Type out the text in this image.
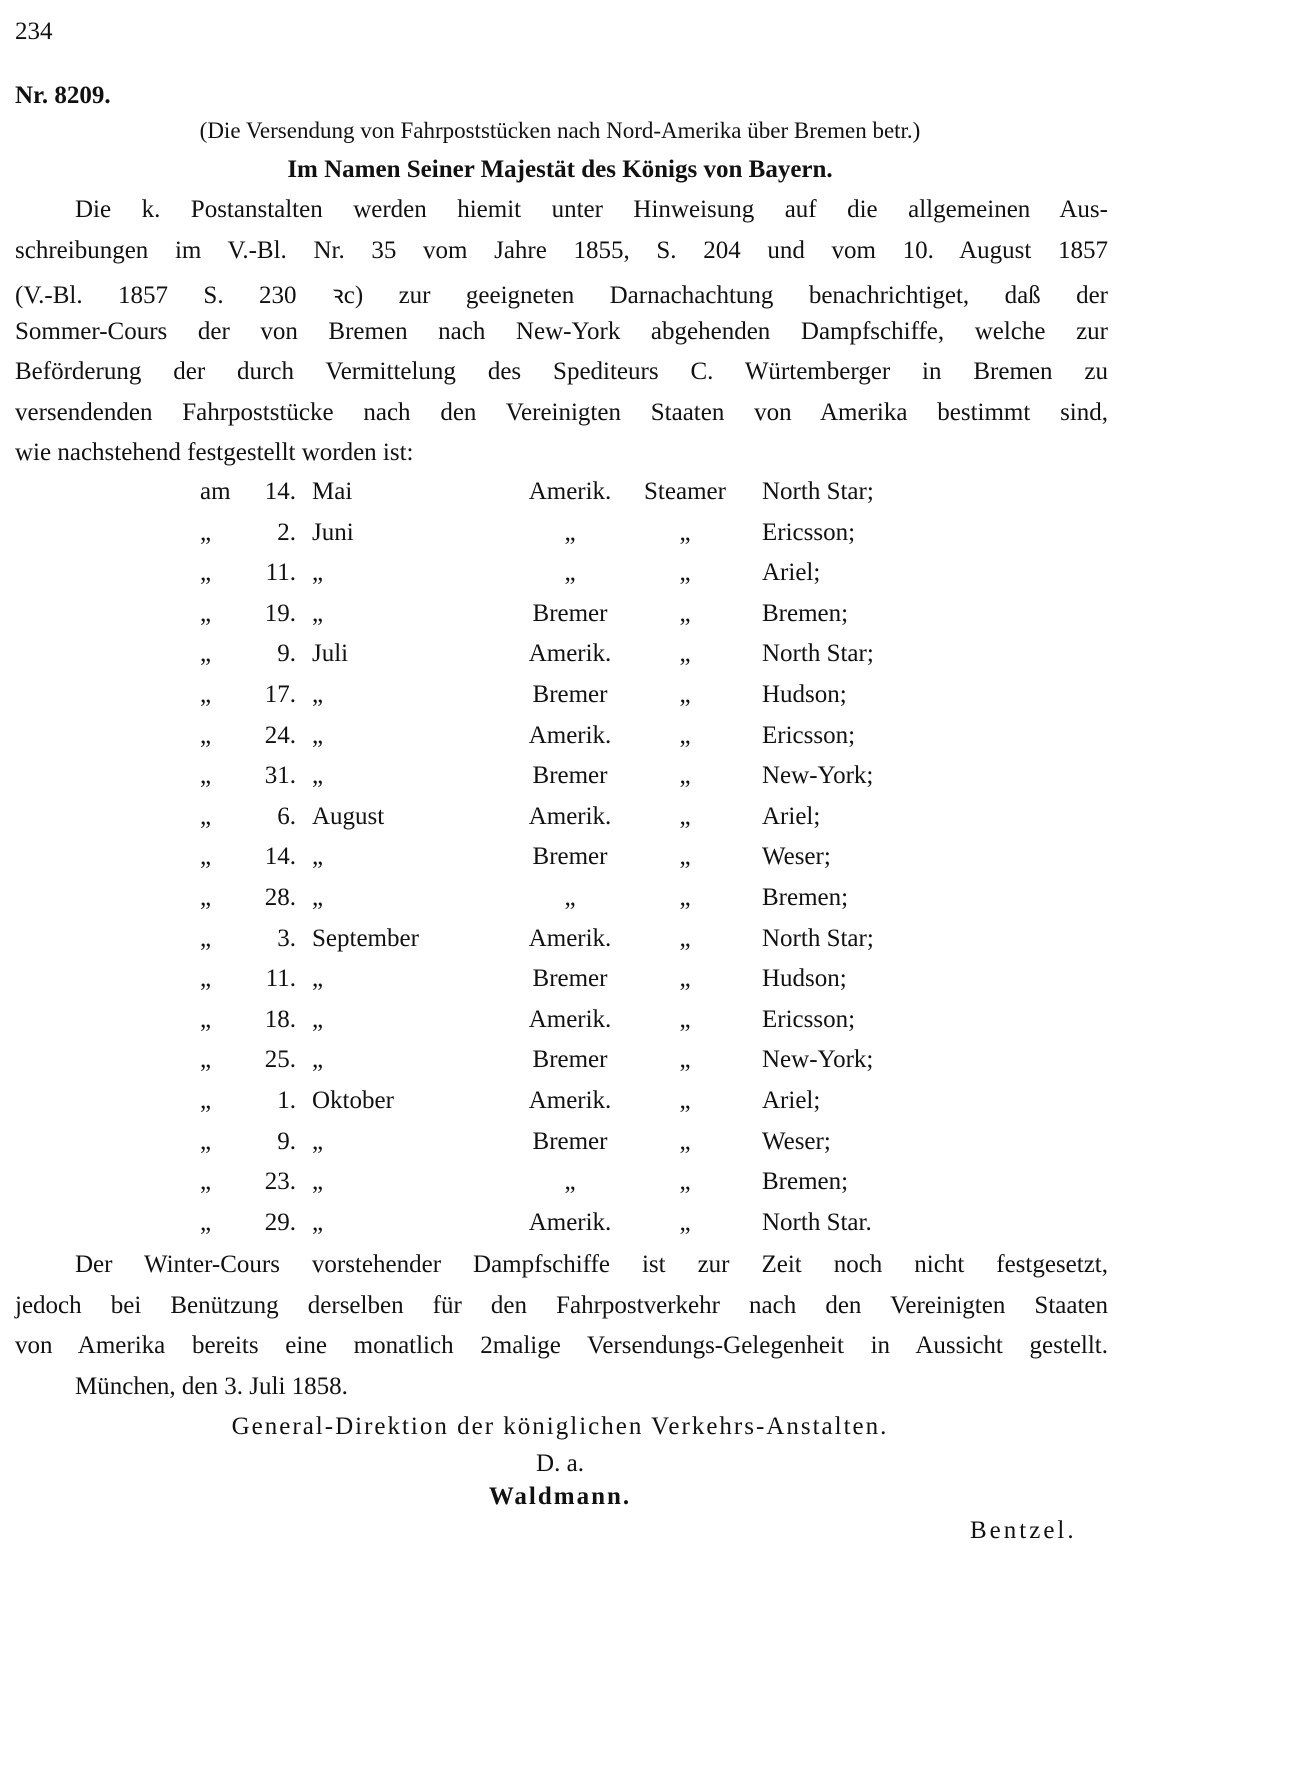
234
Nr. 8209.
(Die Versendung von Fahrpoststücken nach Nord-Amerika über Bremen betr.)
Im Namen Seiner Majestät des Königs von Bayern.
Die k. Postanstalten werden hiemit unter Hinweisung auf die allgemeinen Aus-
schreibungen im V.-Bl. Nr. 35 vom Jahre 1855, S. 204 und vom 10. August 1857
(V.-Bl. 1857 S. 230 ꝛc) zur geeigneten Darnachachtung benachrichtiget, daß der
Sommer-Cours der von Bremen nach New-York abgehenden Dampfschiffe, welche zur
Beförderung der durch Vermittelung des Spediteurs C. Würtemberger in Bremen zu
versendenden Fahrpoststücke nach den Vereinigten Staaten von Amerika bestimmt sind,
wie nachstehend festgestellt worden ist:
am	14. Mai	Amerik.	Steamer	North Star;
„	2. Juni	„	„	Ericsson;
„	11. „	„	„	Ariel;
„	19. „	Bremer	„	Bremen;
„	9. Juli	Amerik.	„	North Star;
„	17. „	Bremer	„	Hudson;
„	24. „	Amerik.	„	Ericsson;
„	31. „	Bremer	„	New-York;
„	6. August	Amerik.	„	Ariel;
„	14. „	Bremer	„	Weser;
„	28. „	„	„	Bremen;
„	3. September	Amerik.	„	North Star;
„	11. „	Bremer	„	Hudson;
„	18. „	Amerik.	„	Ericsson;
„	25. „	Bremer	„	New-York;
„	1. Oktober	Amerik.	„	Ariel;
„	9. „	Bremer	„	Weser;
„	23. „	„	„	Bremen;
„	29. „	Amerik.	„	North Star.
Der Winter-Cours vorstehender Dampfschiffe ist zur Zeit noch nicht festgesetzt,
jedoch bei Benützung derselben für den Fahrpostverkehr nach den Vereinigten Staaten
von Amerika bereits eine monatlich 2malige Versendungs-Gelegenheit in Aussicht gestellt.
München, den 3. Juli 1858.
General-Direktion der königlichen Verkehrs-Anstalten.
D. a.
Waldmann.
Bentzel.
